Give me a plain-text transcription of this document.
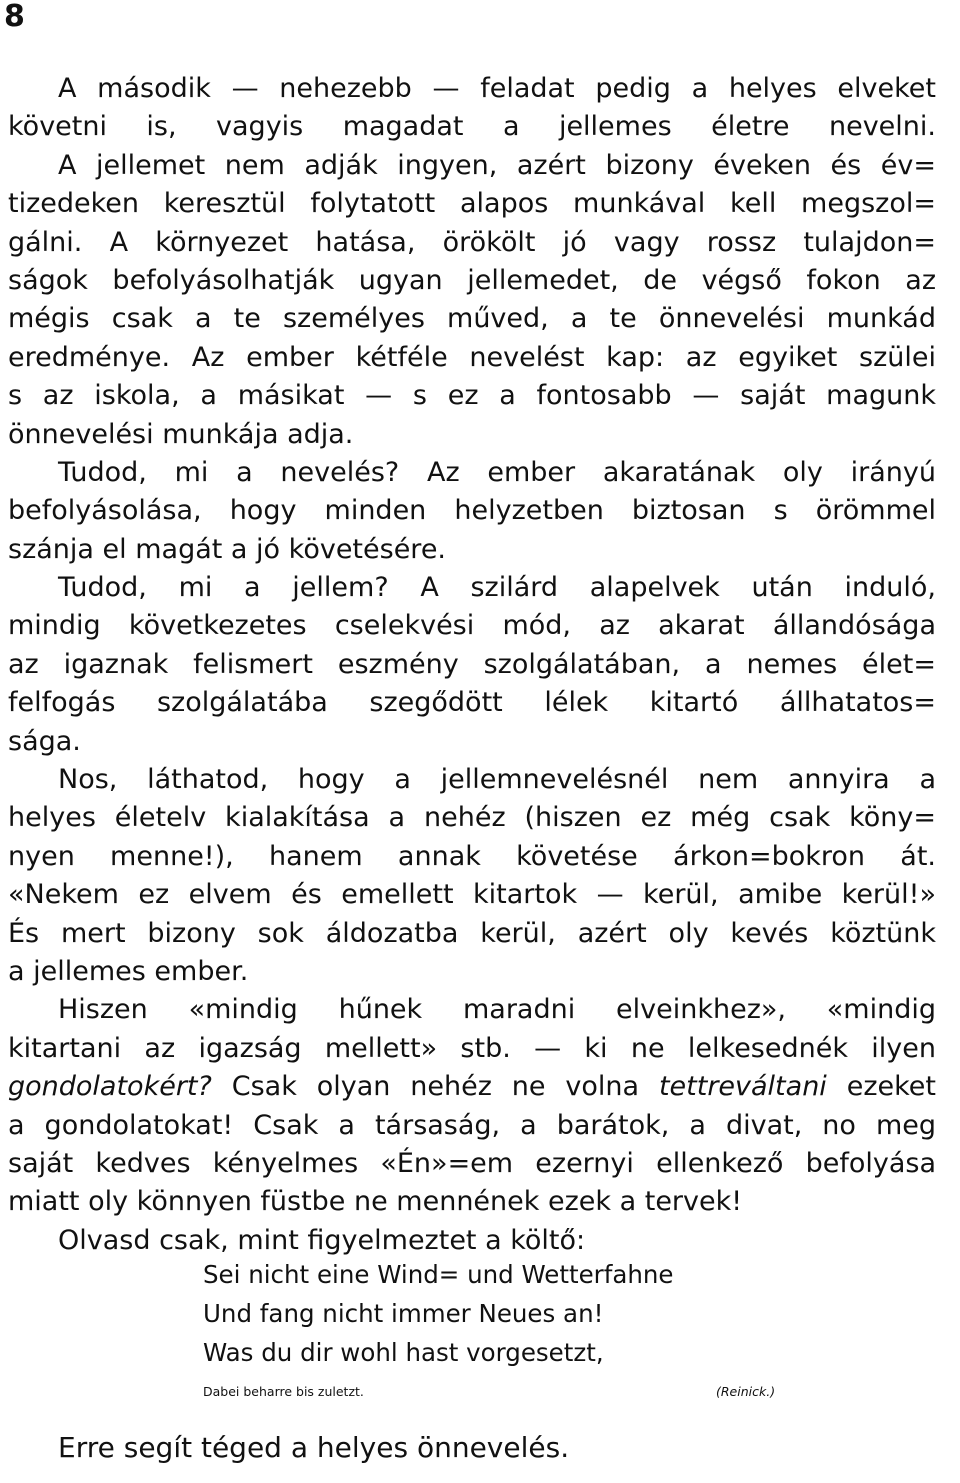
8
A második — nehezebb — feladat pedig a helyes elveket
követni is, vagyis magadat a jellemes életre nevelni.
A jellemet nem adják ingyen, azért bizony éveken és év=
tizedeken keresztül folytatott alapos munkával kell megszol=
gálni. A környezet hatása, örökölt jó vagy rossz tulajdon=
ságok befolyásolhatják ugyan jellemedet, de végső fokon az
mégis csak a te személyes műved, a te önnevelési munkád
eredménye. Az ember kétféle nevelést kap: az egyiket szülei
s az iskola, a másikat — s ez a fontosabb — saját magunk
önnevelési munkája adja.
Tudod, mi a nevelés? Az ember akaratának oly irányú
befolyásolása, hogy minden helyzetben biztosan s örömmel
szánja el magát a jó követésére.
Tudod, mi a jellem? A szilárd alapelvek után induló,
mindig következetes cselekvési mód, az akarat állandósága
az igaznak felismert eszmény szolgálatában, a nemes élet=
felfogás szolgálatába szegődött lélek kitartó állhatatos=
sága.
Nos, láthatod, hogy a jellemnevelésnél nem annyira a
helyes életelv kialakítása a nehéz (hiszen ez még csak köny=
nyen menne!), hanem annak követése árkon=bokron át.
«Nekem ez elvem és emellett kitartok — kerül, amibe kerül!»
És mert bizony sok áldozatba kerül, azért oly kevés köztünk
a jellemes ember.
Hiszen «mindig hűnek maradni elveinkhez», «mindig
kitartani az igazság mellett» stb. — ki ne lelkesednék ilyen
gondolatokért? Csak olyan nehéz ne volna tettreváltani ezeket
a gondolatokat! Csak a társaság, a barátok, a divat, no meg
saját kedves kényelmes «Én»=em ezernyi ellenkező befolyása
miatt oly könnyen füstbe ne mennének ezek a tervek!
Olvasd csak, mint figyelmeztet a költő:
Sei nicht eine Wind= und Wetterfahne
Und fang nicht immer Neues an!
Was du dir wohl hast vorgesetzt,
Dabei beharre bis zuletzt.	(Reinick.)
Erre segít téged a helyes önnevelés.
